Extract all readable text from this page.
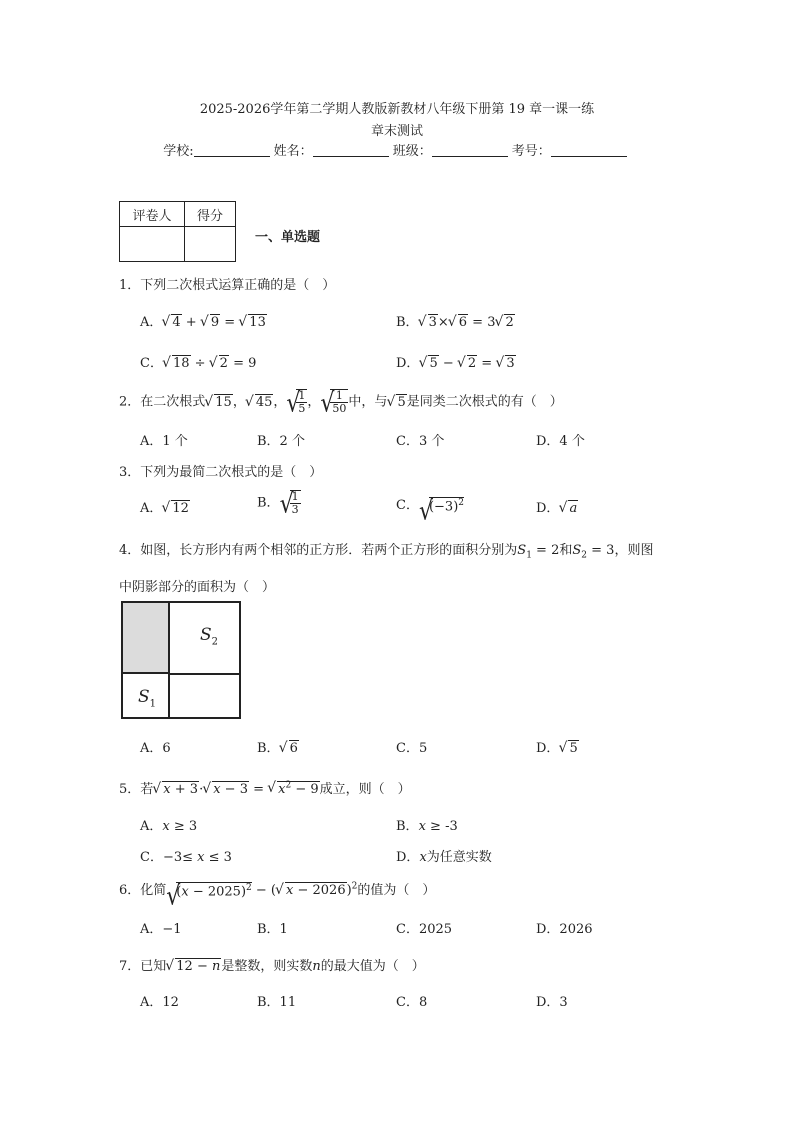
2025-2026学年第二学期人教版新教材八年级下册第 19 章一课一练
章末测试
学校:	姓名：	班级：	考号：
评卷人	得分

一、单选题
1．下列二次根式运算正确的是（　）
A． √ 4 + √ 9 = √ 13	B． √ 3× √ 6 = 3 √ 2
C． √ 18 ÷ √ 2 = 9	D． √ 5 − √ 2 = √ 3
2．在二次根式 √ 15， √ 45， √ $\frac{1}{5}$ ， √ $\frac{1}{50}$ 中，与 √ 5是同类二次根式的有（　）
A．1 个	B．2 个	C．3 个	D．4 个
3．下列为最简二次根式的是（　）
A． √ 12	B． √ $\frac{1}{3}$	C． √ $(-3)^2$	D． √ a
4．如图，长方形内有两个相邻的正方形．若两个正方形的面积分别为$S_1 = 2$和$S_2 = 3$，则图
中阴影部分的面积为（　）
$S_2$
$S_1$
A．6	B． √ 6	C．5	D． √ 5
5．若 √ x + 3· √ x − 3 = √ $x^2 - 9$成立，则（　）
A．x ≥ 3	B．x ≥ -3
C．−3≤ x ≤ 3	D．x为任意实数
6．化简 √ $(x - 2025)^2$ − ( √ x − 2026)$^2$的值为（　）
A．−1	B．1	C．2025	D．2026
7．已知 √ 12 − n是整数，则实数n的最大值为（　）
A．12	B．11	C．8	D．3
